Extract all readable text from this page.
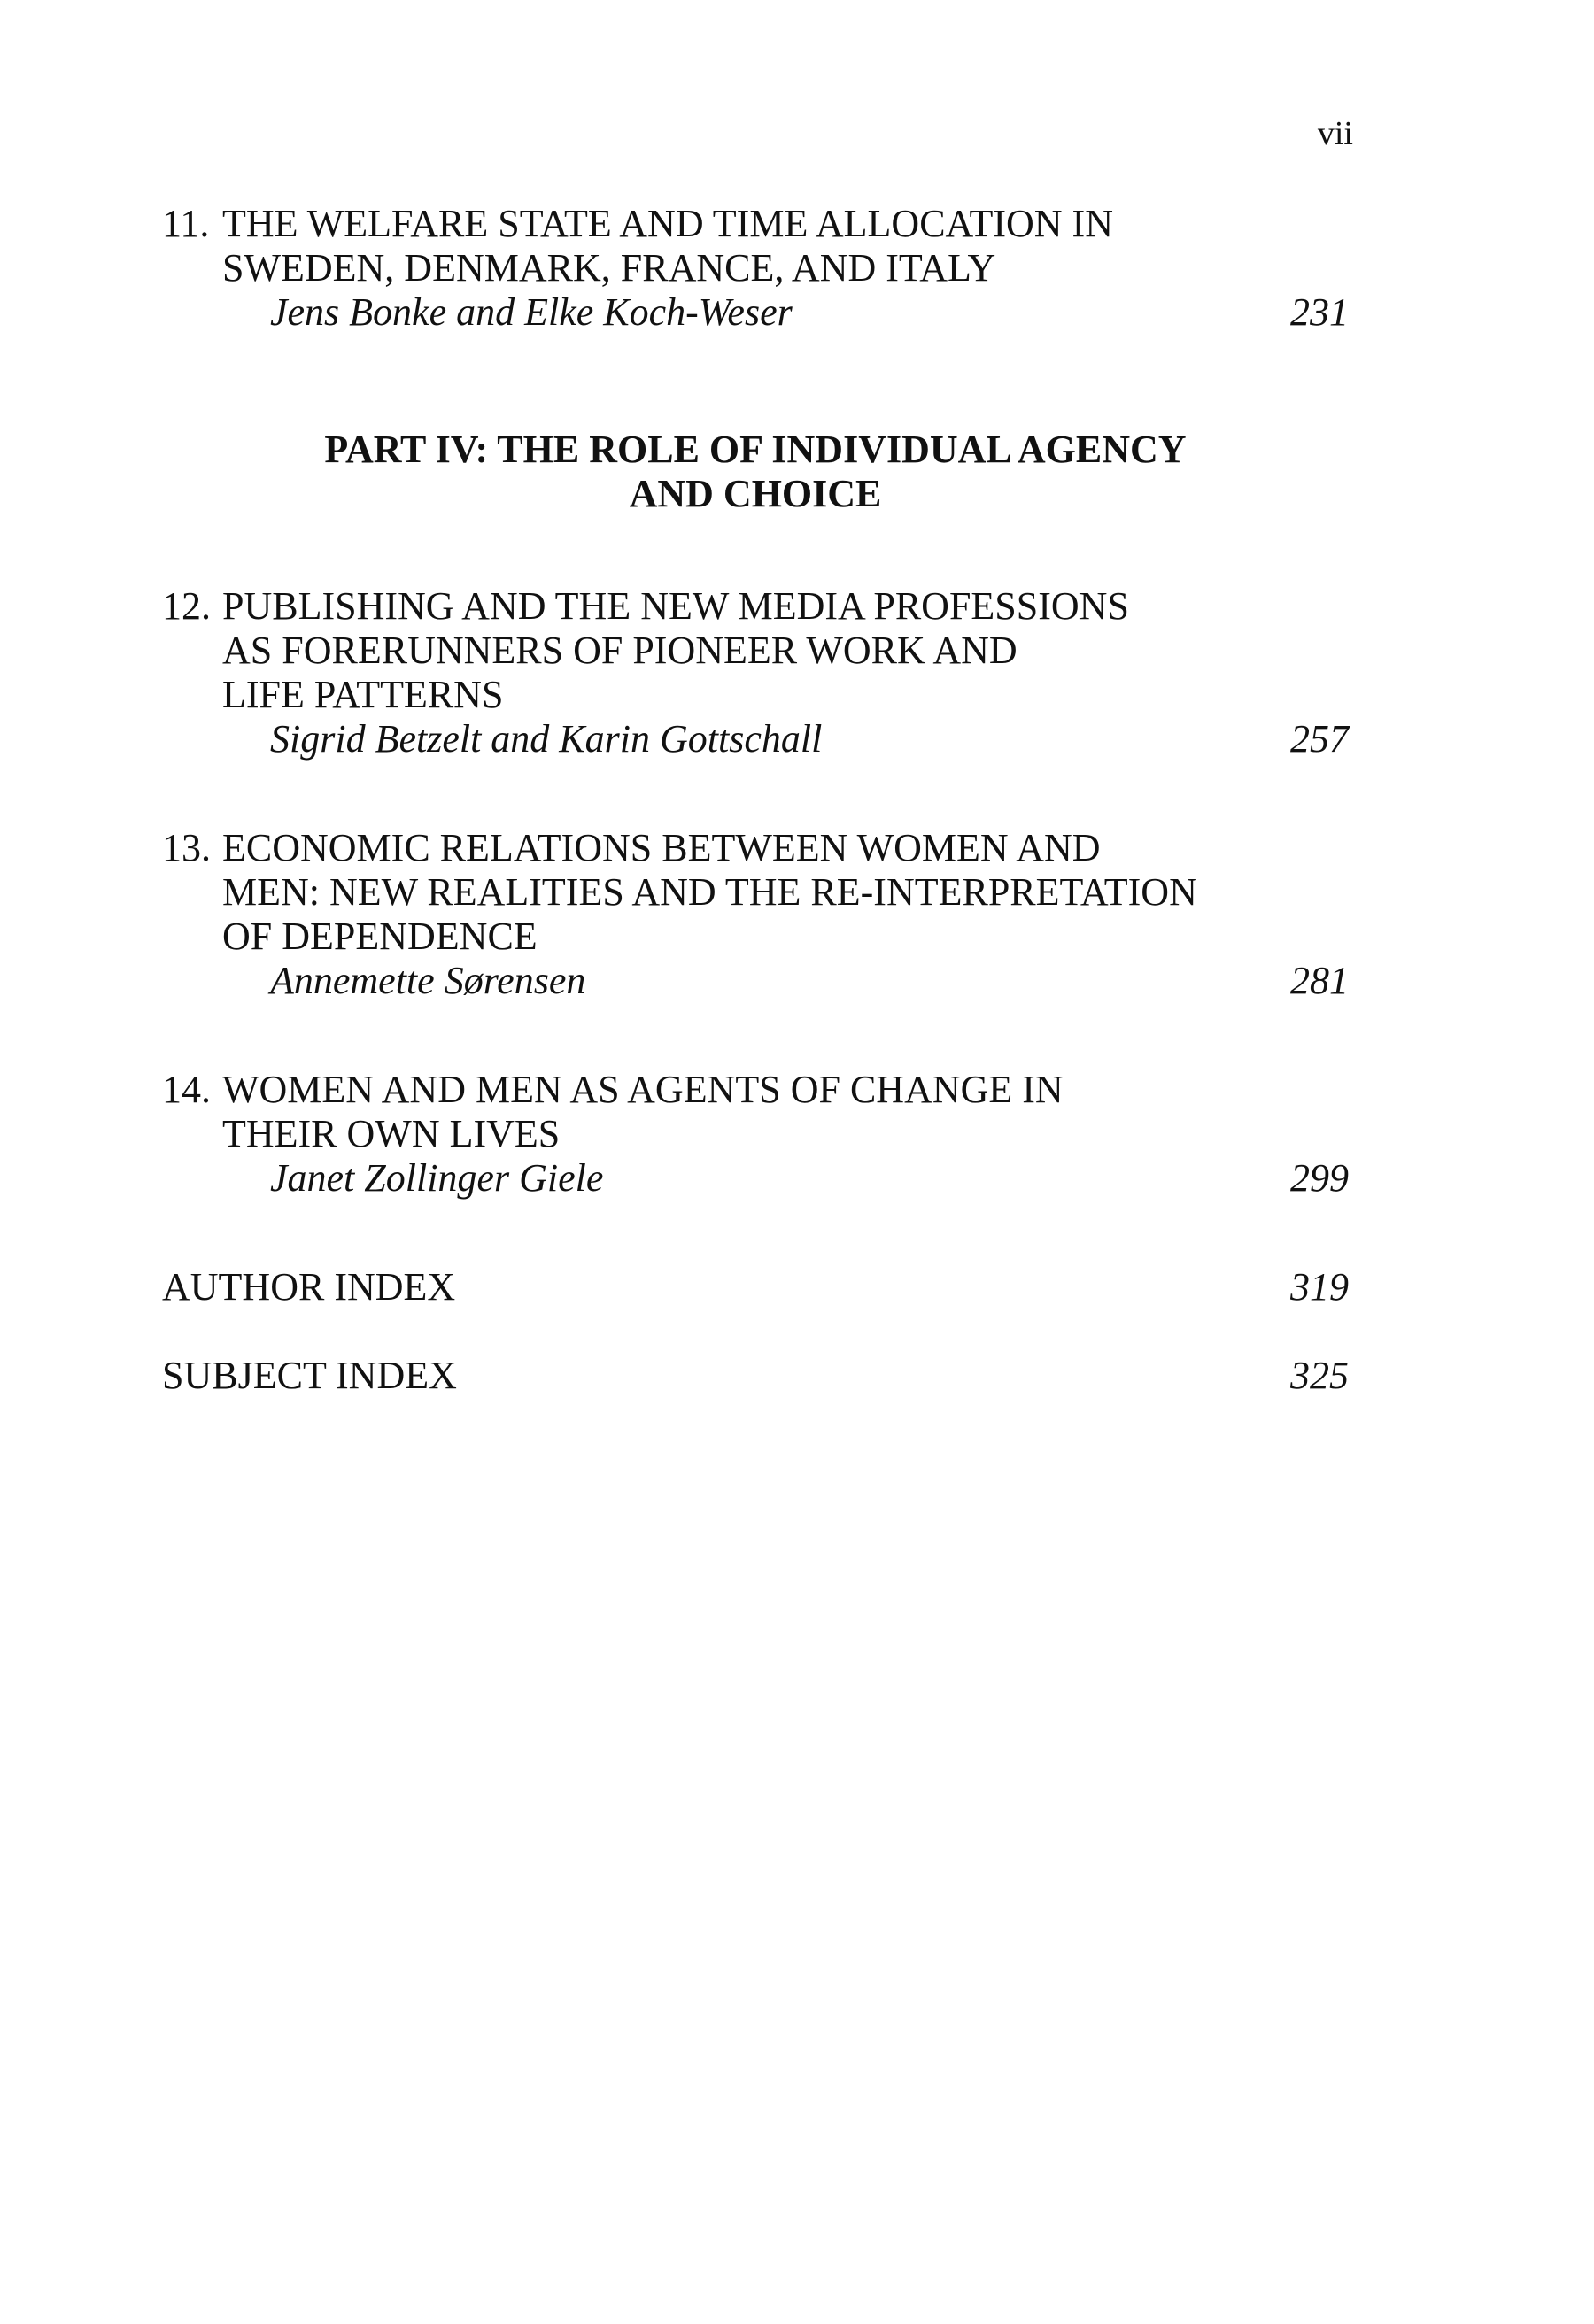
vii
11. THE WELFARE STATE AND TIME ALLOCATION IN
SWEDEN, DENMARK, FRANCE, AND ITALY
Jens Bonke and Elke Koch-Weser	231
PART IV: THE ROLE OF INDIVIDUAL AGENCY
AND CHOICE
12. PUBLISHING AND THE NEW MEDIA PROFESSIONS
AS FORERUNNERS OF PIONEER WORK AND
LIFE PATTERNS
Sigrid Betzelt and Karin Gottschall	257
13. ECONOMIC RELATIONS BETWEEN WOMEN AND
MEN: NEW REALITIES AND THE RE-INTERPRETATION
OF DEPENDENCE
Annemette Sørensen	281
14. WOMEN AND MEN AS AGENTS OF CHANGE IN
THEIR OWN LIVES
Janet Zollinger Giele	299
AUTHOR INDEX	319
SUBJECT INDEX	325
